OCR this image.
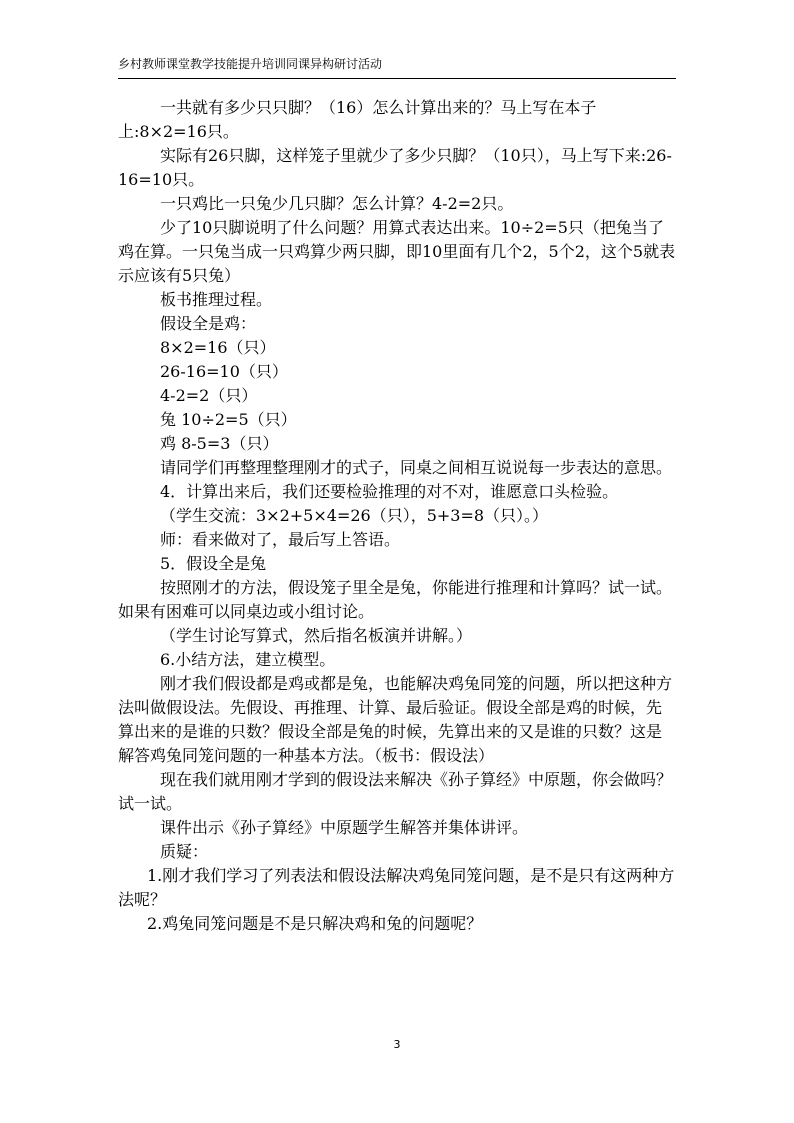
乡村教师课堂教学技能提升培训同课异构研讨活动

一共就有多少只只脚？（16）怎么计算出来的？马上写在本子上:8×2=16只。

实际有26只脚，这样笼子里就少了多少只脚？（10只），马上写下来:26-16=10只。

一只鸡比一只兔少几只脚？怎么计算？4-2=2只。

少了10只脚说明了什么问题？用算式表达出来。10÷2=5只（把兔当了鸡在算。一只兔当成一只鸡算少两只脚，即10里面有几个2，5个2，这个5就表示应该有5只兔）

板书推理过程。

假设全是鸡：

8×2=16（只）

26-16=10（只）

4-2=2（只）

兔 10÷2=5（只）

鸡 8-5=3（只）

请同学们再整理整理刚才的式子，同桌之间相互说说每一步表达的意思。

4．计算出来后，我们还要检验推理的对不对，谁愿意口头检验。

（学生交流：3×2+5×4=26（只），5+3=8（只）。）

师：看来做对了，最后写上答语。

5．假设全是兔

按照刚才的方法，假设笼子里全是兔，你能进行推理和计算吗？试一试。如果有困难可以同桌边或小组讨论。

（学生讨论写算式，然后指名板演并讲解。）

6.小结方法，建立模型。

刚才我们假设都是鸡或都是兔，也能解决鸡兔同笼的问题，所以把这种方法叫做假设法。先假设、再推理、计算、最后验证。假设全部是鸡的时候，先算出来的是谁的只数？假设全部是兔的时候，先算出来的又是谁的只数？这是解答鸡兔同笼问题的一种基本方法。（板书：假设法）

现在我们就用刚才学到的假设法来解决《孙子算经》中原题，你会做吗？试一试。

课件出示《孙子算经》中原题学生解答并集体讲评。

质疑：

1.刚才我们学习了列表法和假设法解决鸡兔同笼问题，是不是只有这两种方法呢？

2.鸡兔同笼问题是不是只解决鸡和兔的问题呢？

3
